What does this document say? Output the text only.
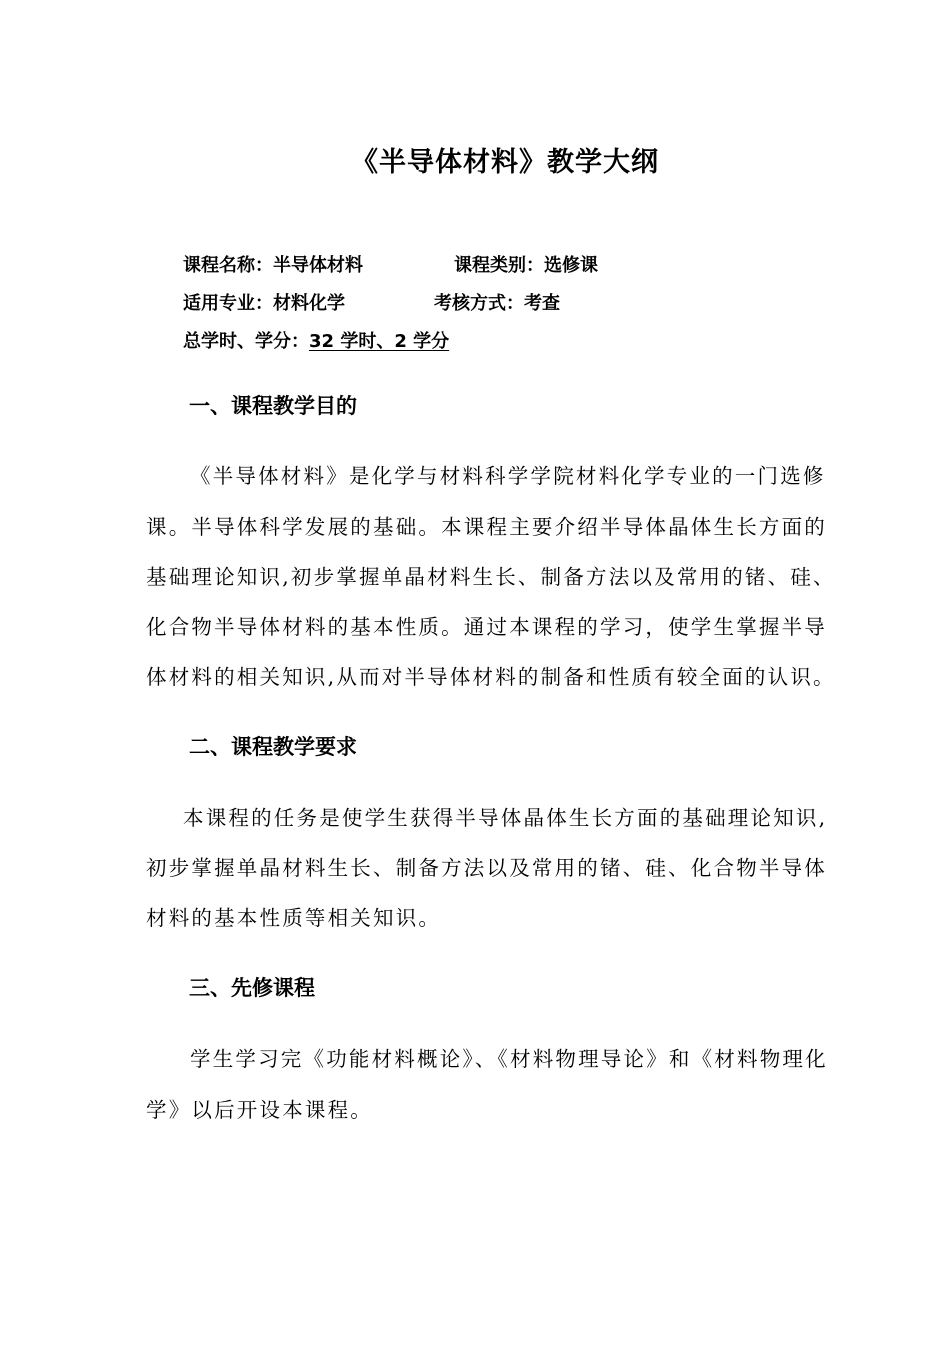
《半导体材料》教学大纲
课程名称：半导体材料	课程类别：选修课
适用专业：材料化学	考核方式：考查
总学时、学分：32 学时、2 学分
一、课程教学目的
《半导体材料》是化学与材料科学学院材料化学专业的一门选修
课。半导体科学发展的基础。本课程主要介绍半导体晶体生长方面的
基础理论知识,初步掌握单晶材料生长、制备方法以及常用的锗、硅、
化合物半导体材料的基本性质。通过本课程的学习，使学生掌握半导
体材料的相关知识,从而对半导体材料的制备和性质有较全面的认识。
二、课程教学要求
本课程的任务是使学生获得半导体晶体生长方面的基础理论知识,
初步掌握单晶材料生长、制备方法以及常用的锗、硅、化合物半导体
材料的基本性质等相关知识。
三、先修课程
学生学习完《功能材料概论》、《材料物理导论》和《材料物理化
学》以后开设本课程。
